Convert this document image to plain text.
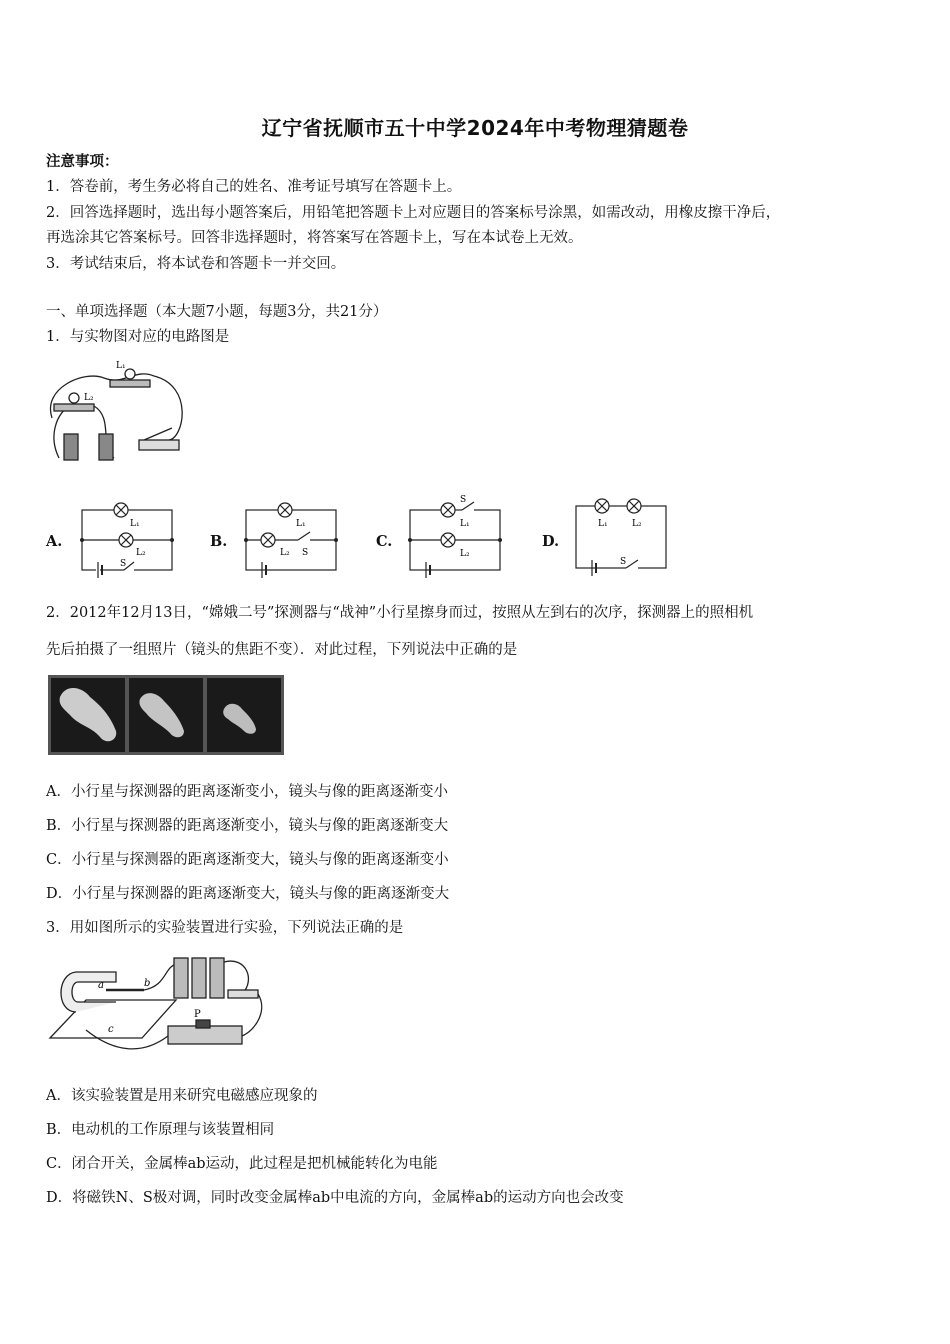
辽宁省抚顺市五十中学2024年中考物理猜题卷
注意事项：
1．答卷前，考生务必将自己的姓名、准考证号填写在答题卡上。
2．回答选择题时，选出每小题答案后，用铅笔把答题卡上对应题目的答案标号涂黑，如需改动，用橡皮擦干净后，
再选涂其它答案标号。回答非选择题时，将答案写在答题卡上，写在本试卷上无效。
3．考试结束后，将本试卷和答题卡一并交回。
一、单项选择题（本大题7小题，每题3分，共21分）
1．与实物图对应的电路图是
L₁
L₂
A.
L₁
L₂
S
B.
L₁
L₂ S
C.
S
L₁
L₂
D.
L₁	L₂
S
2．2012年12月13日，“嫦娥二号”探测器与“战神”小行星擦身而过，按照从左到右的次序，探测器上的照相机
先后拍摄了一组照片（镜头的焦距不变）．对此过程，下列说法中正确的是
A．小行星与探测器的距离逐渐变小，镜头与像的距离逐渐变小
B．小行星与探测器的距离逐渐变小，镜头与像的距离逐渐变大
C．小行星与探测器的距离逐渐变大，镜头与像的距离逐渐变小
D．小行星与探测器的距离逐渐变大，镜头与像的距离逐渐变大
3．用如图所示的实验装置进行实验，下列说法正确的是
b
c
a
P
A．该实验装置是用来研究电磁感应现象的
B．电动机的工作原理与该装置相同
C．闭合开关，金属棒ab运动，此过程是把机械能转化为电能
D．将磁铁N、S极对调，同时改变金属棒ab中电流的方向，金属棒ab的运动方向也会改变
